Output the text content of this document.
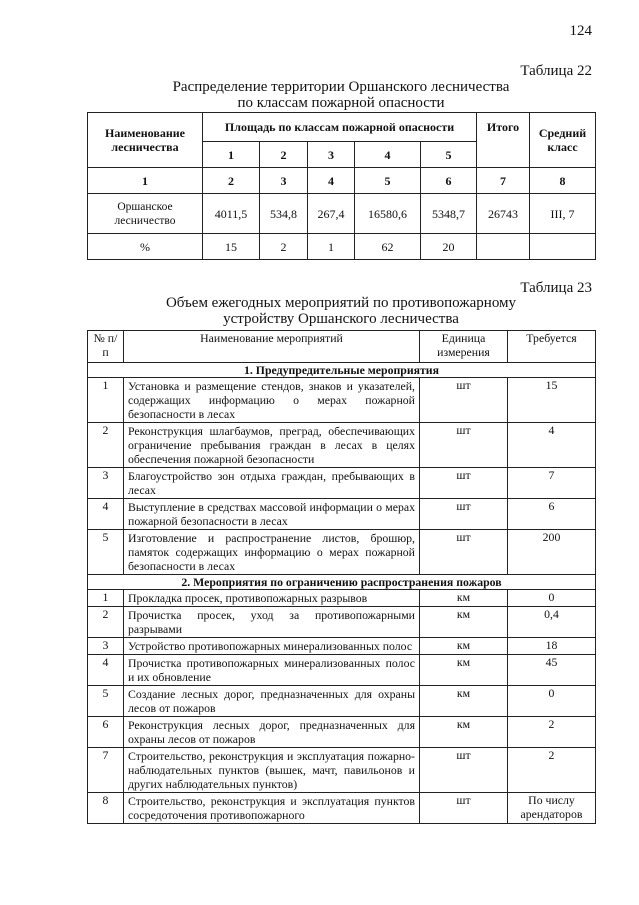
124
Таблица 22
Распределение территории Оршанского лесничества
по классам пожарной опасности
Наименование лесничества	Площадь по классам пожарной опасности					Итого	Средний класс
	1	2	3	4	5		
1	2	3	4	5	6	7	8
Оршанское лесничество	4011,5	534,8	267,4	16580,6	5348,7	26743	III, 7
%	15	2	1	62	20		
Таблица 23
Объем ежегодных мероприятий по противопожарному
устройству Оршанского лесничества
№ п/п	Наименование мероприятий	Единица измерения	Требуется
1. Предупредительные мероприятия			
1	Установка и размещение стендов, знаков и указателей, содержащих информацию о мерах пожарной безопасности в лесах	шт	15
2	Реконструкция шлагбаумов, преград, обеспечивающих ограничение пребывания граждан в лесах в целях обеспечения пожарной безопасности	шт	4
3	Благоустройство зон отдыха граждан, пребывающих в лесах	шт	7
4	Выступление в средствах массовой информации о мерах пожарной безопасности в лесах	шт	6
5	Изготовление и распространение листов, брошюр, памяток содержащих информацию о мерах пожарной безопасности в лесах	шт	200
2. Мероприятия по ограничению распространения пожаров			
1	Прокладка просек, противопожарных разрывов	км	0
2	Прочистка просек, уход за противопожарными разрывами	км	0,4
3	Устройство противопожарных минерализованных полос	км	18
4	Прочистка противопожарных минерализованных полос и их обновление	км	45
5	Создание лесных дорог, предназначенных для охраны лесов от пожаров	км	0
6	Реконструкция лесных дорог, предназначенных для охраны лесов от пожаров	км	2
7	Строительство, реконструкция и эксплуатация пожарно-наблюдательных пунктов (вышек, мачт, павильонов и других наблюдательных пунктов)	шт	2
8	Строительство, реконструкция и эксплуатация пунктов сосредоточения противопожарного	шт	По числу арендаторов
